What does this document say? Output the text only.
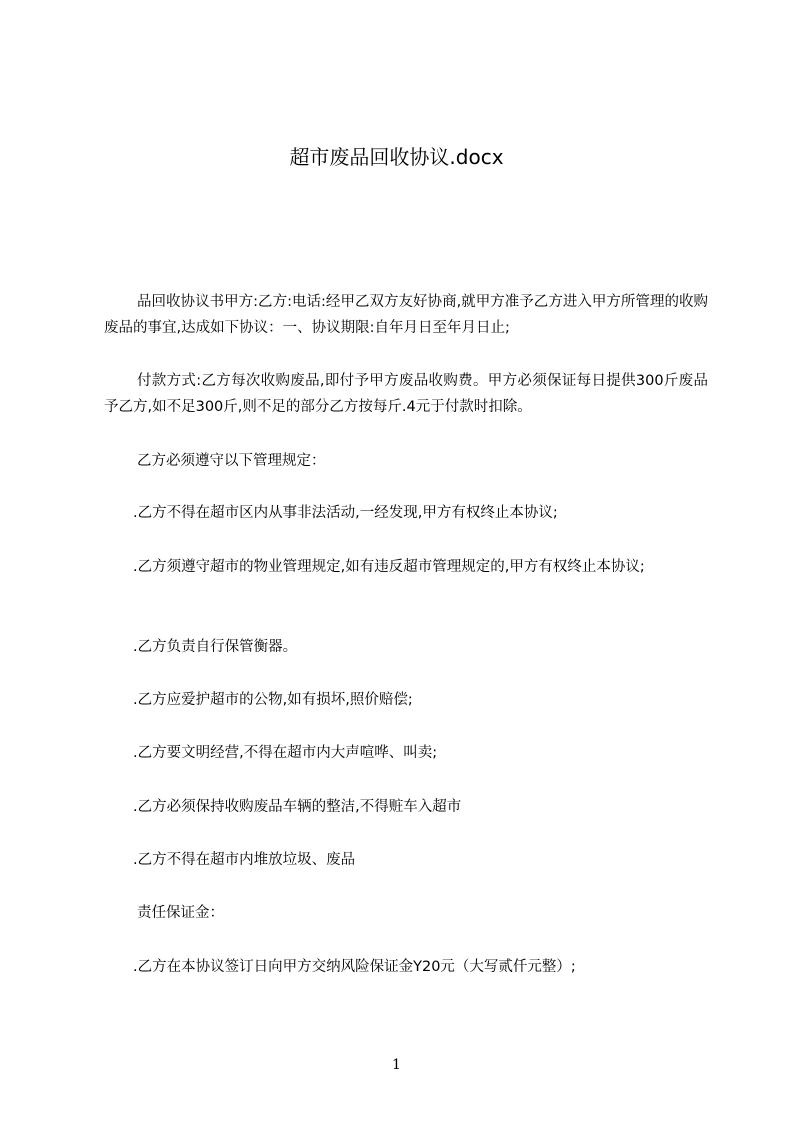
超市废品回收协议.docx

品回收协议书甲方:乙方:电话:经甲乙双方友好协商,就甲方准予乙方进入甲方所管理的收购废品的事宜,达成如下协议：一、协议期限:自年月日至年月日止;

付款方式:乙方每次收购废品,即付予甲方废品收购费。甲方必须保证每日提供300斤废品予乙方,如不足300斤,则不足的部分乙方按每斤.4元于付款时扣除。

乙方必须遵守以下管理规定：

.乙方不得在超市区内从事非法活动,一经发现,甲方有权终止本协议;

.乙方须遵守超市的物业管理规定,如有违反超市管理规定的,甲方有权终止本协议;

.乙方负责自行保管衡器。

.乙方应爱护超市的公物,如有损坏,照价赔偿;

.乙方要文明经营,不得在超市内大声喧哗、叫卖;

.乙方必须保持收购废品车辆的整洁,不得赃车入超市

.乙方不得在超市内堆放垃圾、废品

责任保证金：

.乙方在本协议签订日向甲方交纳风险保证金Y20元（大写贰仟元整）;

1
